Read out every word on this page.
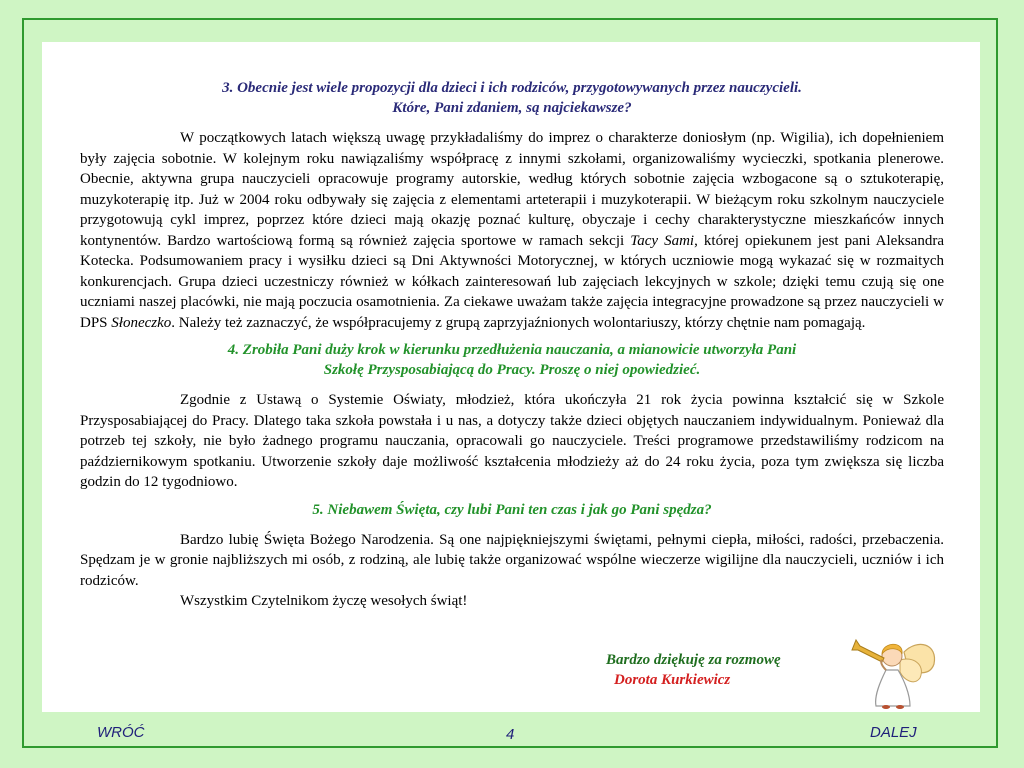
3. Obecnie jest wiele propozycji dla dzieci i ich rodziców, przygotowywanych przez nauczycieli.
Które, Pani zdaniem, są najciekawsze?

W początkowych latach większą uwagę przykładaliśmy do imprez o charakterze doniosłym (np. Wigilia), ich dopełnieniem były zajęcia sobotnie. W kolejnym roku nawiązaliśmy współpracę z innymi szkołami, organizowaliśmy wycieczki, spotkania plenerowe. Obecnie, aktywna grupa nauczycieli opracowuje programy autorskie, według których sobotnie zajęcia wzbogacone są o sztukoterapię, muzykoterapię itp. Już w 2004 roku odbywały się zajęcia z elementami arteterapii i muzykoterapii. W bieżącym roku szkolnym nauczyciele przygotowują cykl imprez, poprzez które dzieci mają okazję poznać kulturę, obyczaje i cechy charakterystyczne mieszkańców innych kontynentów. Bardzo wartościową formą są również zajęcia sportowe w ramach sekcji Tacy Sami, której opiekunem jest pani Aleksandra Kotecka. Podsumowaniem pracy i wysiłku dzieci są Dni Aktywności Motorycznej, w których uczniowie mogą wykazać się w rozmaitych konkurencjach. Grupa dzieci uczestniczy również w kółkach zainteresowań lub zajęciach lekcyjnych w szkole; dzięki temu czują się one uczniami naszej placówki, nie mają poczucia osamotnienia. Za ciekawe uważam także zajęcia integracyjne prowadzone są przez nauczycieli w DPS Słoneczko. Należy też zaznaczyć, że współpracujemy z grupą zaprzyjaźnionych wolontariuszy, którzy chętnie nam pomagają.

4. Zrobiła Pani duży krok w kierunku przedłużenia nauczania, a mianowicie utworzyła Pani
Szkołę Przysposabiającą do Pracy. Proszę o niej opowiedzieć.

Zgodnie z Ustawą o Systemie Oświaty, młodzież, która ukończyła 21 rok życia powinna kształcić się w Szkole Przysposabiającej do Pracy. Dlatego taka szkoła powstała i u nas, a dotyczy także dzieci objętych nauczaniem indywidualnym. Ponieważ dla potrzeb tej szkoły, nie było żadnego programu nauczania, opracowali go nauczyciele. Treści programowe przedstawiliśmy rodzicom na październikowym spotkaniu. Utworzenie szkoły daje możliwość kształcenia młodzieży aż do 24 roku życia, poza tym zwiększa się liczba godzin do 12 tygodniowo.

5. Niebawem Święta, czy lubi Pani ten czas i jak go Pani spędza?

Bardzo lubię Święta Bożego Narodzenia. Są one najpiękniejszymi świętami, pełnymi ciepła, miłości, radości, przebaczenia. Spędzam je w gronie najbliższych mi osób, z rodziną, ale lubię także organizować wspólne wieczerze wigilijne dla nauczycieli, uczniów i ich rodziców.

Wszystkim Czytelnikom życzę wesołych świąt!

Bardzo dziękuję za rozmowę
Dorota Kurkiewicz
WRÓĆ	4	DALEJ
